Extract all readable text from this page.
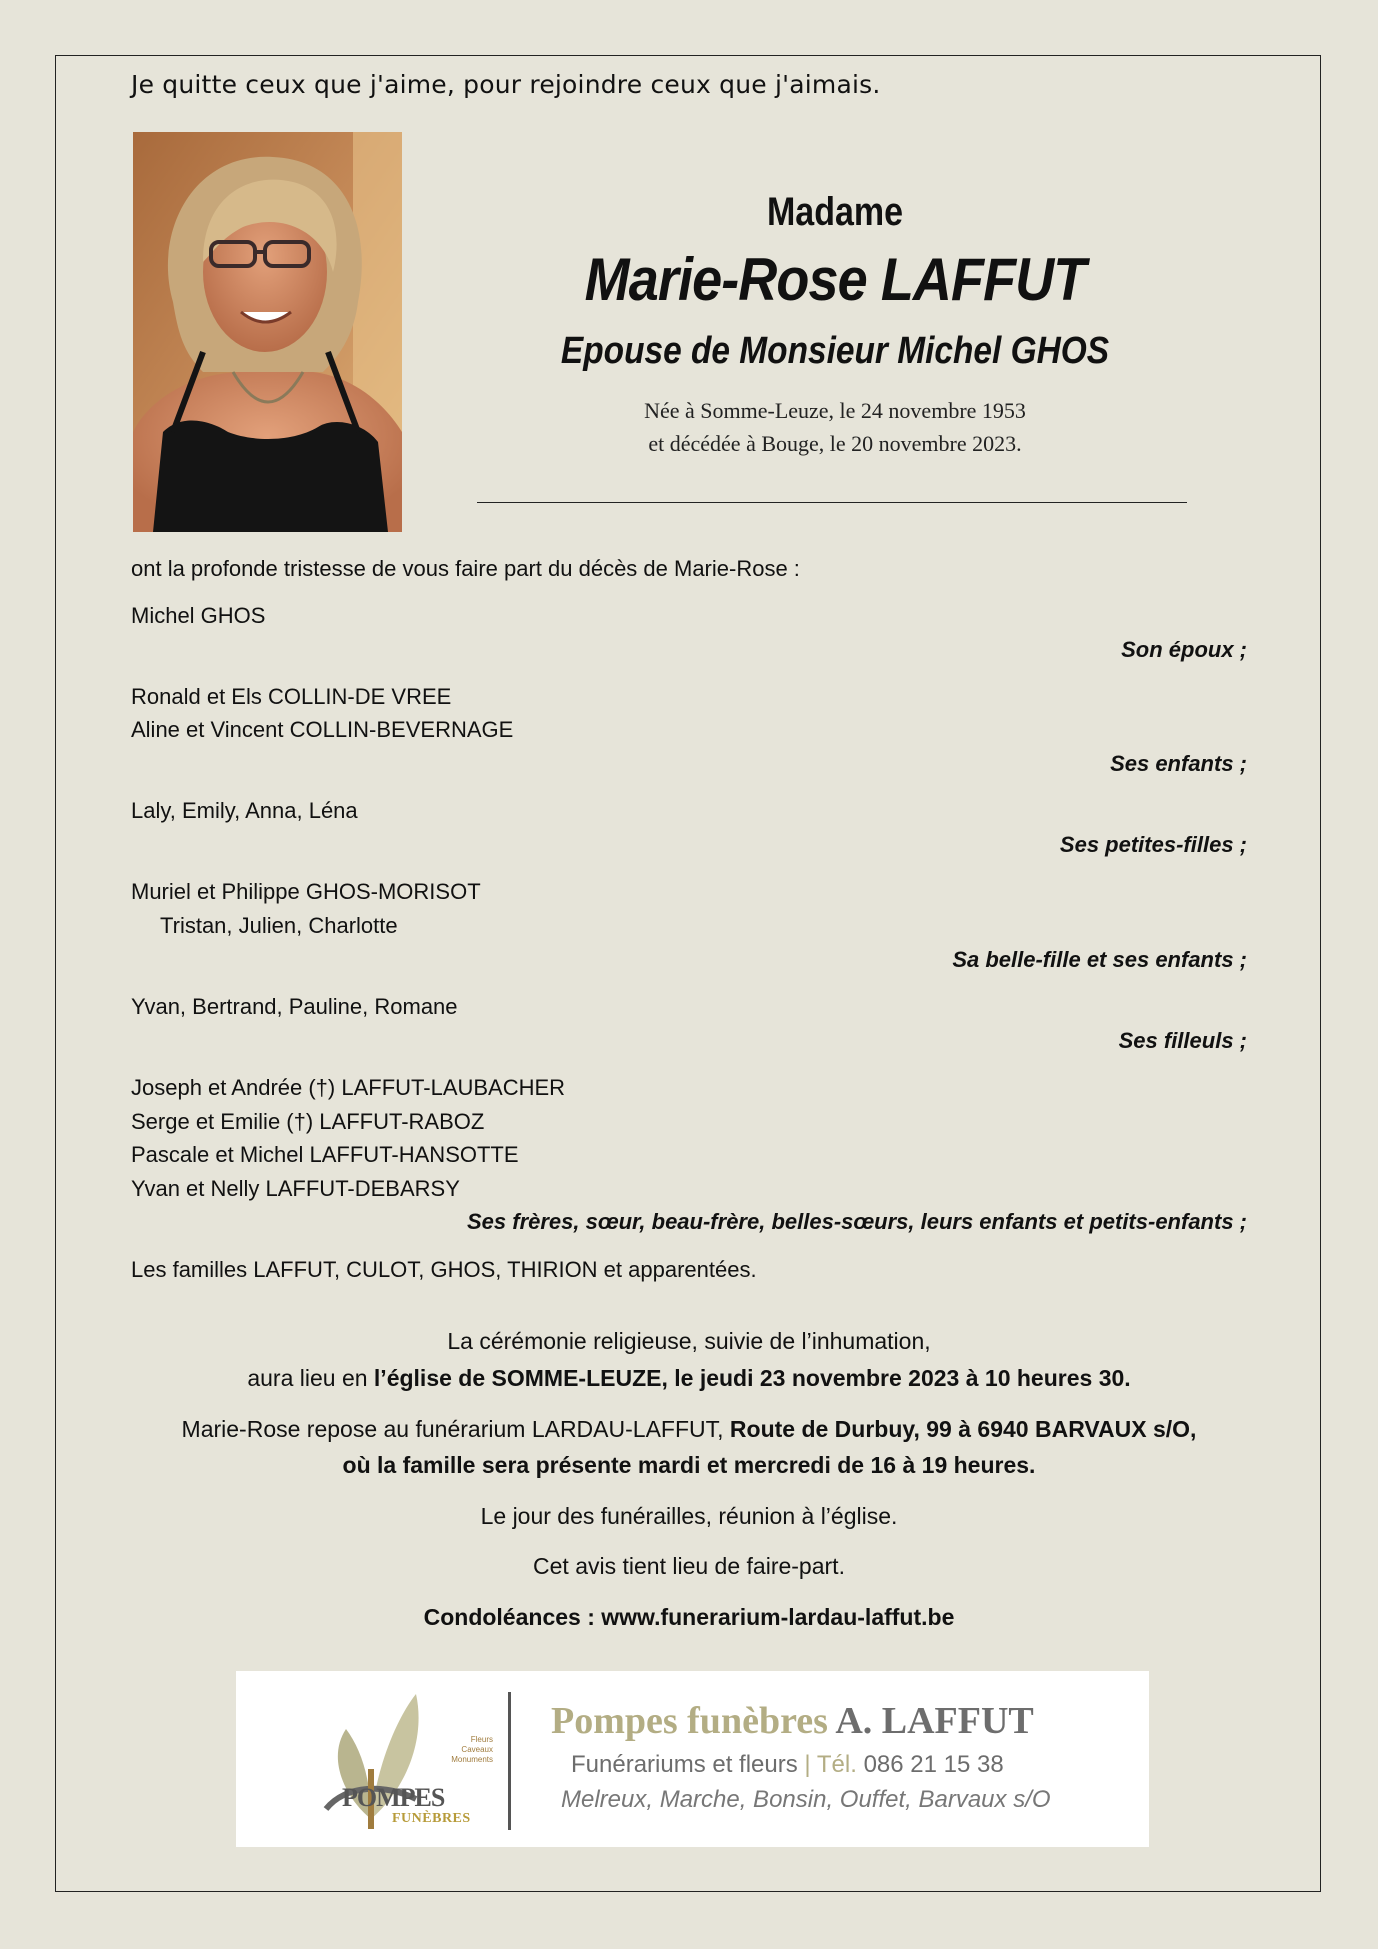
Je quitte ceux que j'aime, pour rejoindre ceux que j'aimais.
Madame
Marie-Rose LAFFUT
Epouse de Monsieur Michel GHOS
Née à Somme-Leuze, le 24 novembre 1953
et décédée à Bouge, le 20 novembre 2023.
ont la profonde tristesse de vous faire part du décès de Marie-Rose :
Michel GHOS
Son époux ;
Ronald et Els COLLIN-DE VREE
Aline et Vincent COLLIN-BEVERNAGE
Ses enfants ;
Laly, Emily, Anna, Léna
Ses petites-filles ;
Muriel et Philippe GHOS-MORISOT
Tristan, Julien, Charlotte
Sa belle-fille et ses enfants ;
Yvan, Bertrand, Pauline, Romane
Ses filleuls ;
Joseph et Andrée (†) LAFFUT-LAUBACHER
Serge et Emilie (†) LAFFUT-RABOZ
Pascale et Michel LAFFUT-HANSOTTE
Yvan et Nelly LAFFUT-DEBARSY
Ses frères, sœur, beau-frère, belles-sœurs, leurs enfants et petits-enfants ;
Les familles LAFFUT, CULOT, GHOS, THIRION et apparentées.
La cérémonie religieuse, suivie de l’inhumation,
aura lieu en l’église de SOMME-LEUZE, le jeudi 23 novembre 2023 à 10 heures 30.
Marie-Rose repose au funérarium LARDAU-LAFFUT, Route de Durbuy, 99 à 6940 BARVAUX s/O,
où la famille sera présente mardi et mercredi de 16 à 19 heures.
Le jour des funérailles, réunion à l’église.
Cet avis tient lieu de faire-part.
Condoléances : www.funerarium-lardau-laffut.be
Fleurs
Caveaux
Monuments
POMPES
FUNÈBRES
Pompes funèbres A. LAFFUT
Funérariums et fleurs | Tél. 086 21 15 38
Melreux, Marche, Bonsin, Ouffet, Barvaux s/O
